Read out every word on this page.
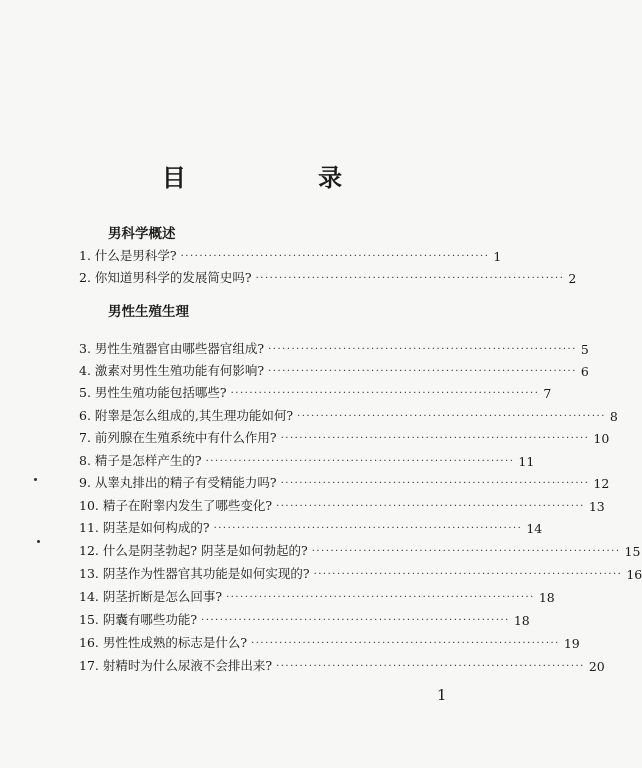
目 录
男科学概述
1. 什么是男科学? ·································································· 1
2. 你知道男科学的发展简史吗? ·································································· 2
男性生殖生理
3. 男性生殖器官由哪些器官组成? ·································································· 5
4. 激素对男性生殖功能有何影响? ·································································· 6
5. 男性生殖功能包括哪些? ·································································· 7
6. 附睾是怎么组成的,其生理功能如何? ·································································· 8
7. 前列腺在生殖系统中有什么作用? ·································································· 10
8. 精子是怎样产生的? ·································································· 11
9. 从睾丸排出的精子有受精能力吗? ·································································· 12
10. 精子在附睾内发生了哪些变化? ·································································· 13
11. 阴茎是如何构成的? ·································································· 14
12. 什么是阴茎勃起? 阴茎是如何勃起的? ·································································· 15
13. 阴茎作为性器官其功能是如何实现的? ·································································· 16
14. 阴茎折断是怎么回事? ·································································· 18
15. 阴囊有哪些功能? ·································································· 18
16. 男性性成熟的标志是什么? ·································································· 19
17. 射精时为什么尿液不会排出来? ·································································· 20
1
